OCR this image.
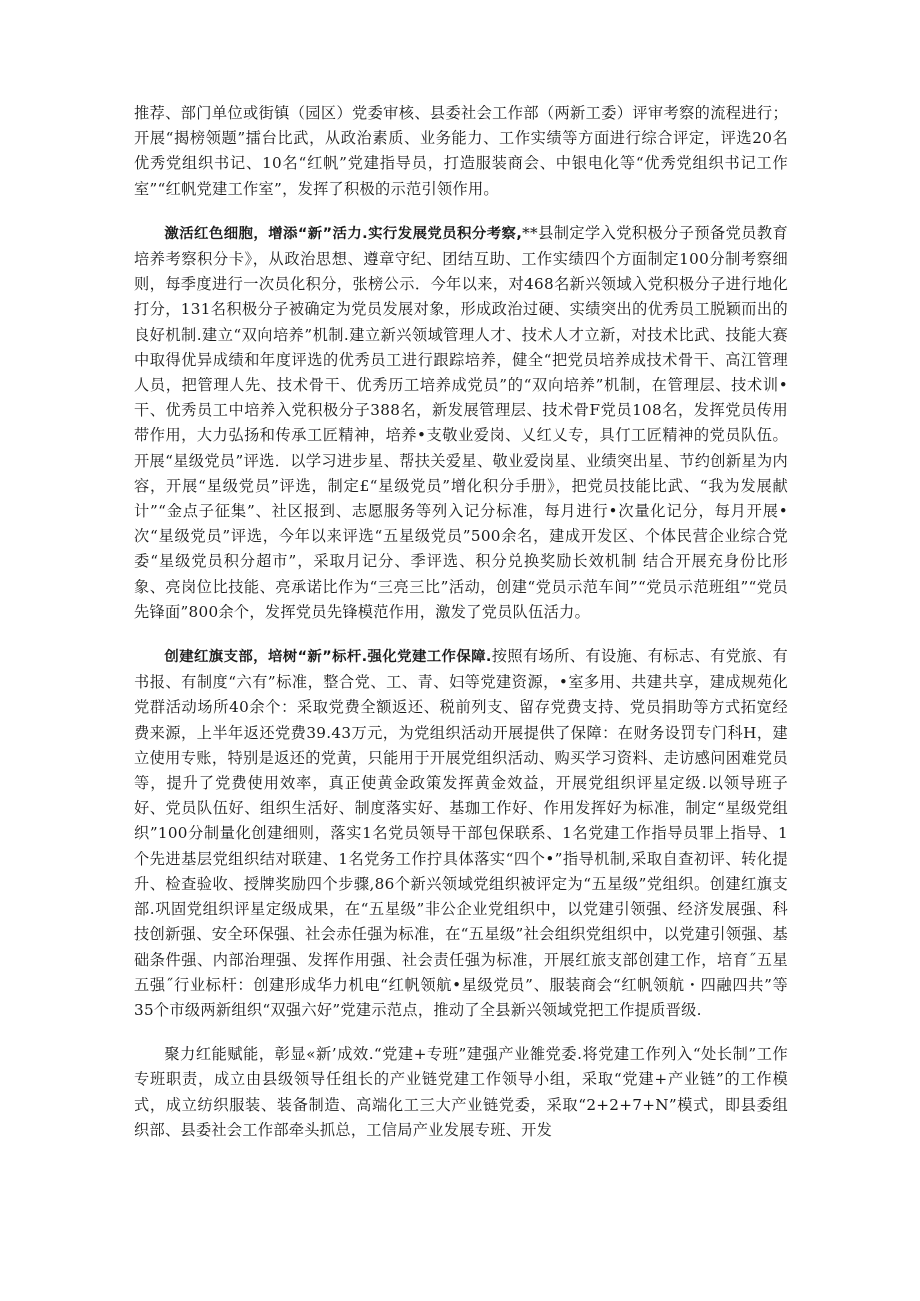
推荐、部门单位或街镇（园区）党委审核、县委社会工作部（两新工委）评审考察的流程进行；开展“揭榜领题”擂台比武，从政治素质、业务能力、工作实绩等方面进行综合评定，评选20名优秀党组织书记、10名“红帆”党建指导员，打造服装商会、中银电化等“优秀党组织书记工作室”“红帆党建工作室”，发挥了积极的示范引领作用。

激活红色细胞，增添“新”活力.实行发展党员积分考察,**县制定学入党积极分子预备党员教育培养考察积分卡》，从政治思想、遵章守纪、团结互助、工作实绩四个方面制定100分制考察细则，每季度进行一次员化积分，张榜公示．今年以来，对468名新兴领域入党积极分子进行地化打分，131名积极分子被确定为党员发展对象，形成政治过硬、实绩突出的优秀员工脱颖而出的良好机制.建立“双向培养”机制.建立新兴领域管理人才、技术人才立新，对技术比武、技能大赛中取得优异成绩和年度评选的优秀员工进行跟踪培养，健全“把党员培养成技术骨干、高江管理人员，把管理人先、技术骨干、优秀历工培养成党员”的“双向培养”机制，在管理层、技术训•干、优秀员工中培养入党积极分子388名，新发展管理层、技术骨F党员108名，发挥党员传用带作用，大力弘扬和传承工匠精神，培养•支敬业爱岗、乂红乂专，具仃工匠精神的党员队伍。开展“星级党员”评选．以学习进步星、帮扶关爱星、敬业爱岗星、业绩突出星、节约创新星为内容，开展“星级党员”评选，制定£“星级党员”增化积分手册》，把党员技能比武、“我为发展献计”“金点子征集”、社区报到、志愿服务等列入记分标准，每月进行•次量化记分，每月开展•次“星级党员”评选，今年以来评选“五星级党员”500余名，建成开发区、个体民营企业综合党委“星级党员积分超市”，采取月记分、季评选、积分兑换奖励长效机制 结合开展充身份比形象、亮岗位比技能、亮承诺比作为“三亮三比”活动，创建“党员示范车间”“党员示范班组”“党员先锋面”800余个，发挥党员先锋模范作用，激发了党员队伍活力。

创建红旗支部，培树“新”标杆.强化党建工作保障.按照有场所、有设施、有标志、有党旅、有书报、有制度“六有”标准，整合党、工、青、妇等党建资源，•室多用、共建共享，建成规苑化党群活动场所40余个：采取党费全额返还、税前列支、留存党费支持、党员捐助等方式拓宽经费来源，上半年返还党费39.43万元，为党组织活动开展提供了保障：在财务设罚专门科H，建立使用专账，特别是返还的党黄，只能用于开展党组织活动、购买学习资料、走访感问困难党员等，提升了党费使用效率，真正使黄金政策发挥黄金效益，开展党组织评星定级.以领导班子好、党员队伍好、组织生活好、制度落实好、基珈工作好、作用发挥好为标准，制定“星级党组织”100分制量化创建细则，落实1名党员领导干部包保联系、1名党建工作指导员罪上指导、1个先进基层党组织结对联建、1名党务工作拧具体落实“四个•”指导机制,采取自查初评、转化提升、检查验收、授牌奖励四个步骤,86个新兴领域党组织被评定为“五星级”党组织。创建红旗支部.巩固党组织评星定级成果，在“五星级”非公企业党组织中，以党建引领强、经济发展强、科技创新强、安全环保强、社会赤任强为标准，在“五星级”社会组织党组织中，以党建引领强、基础条件强、内部治理强、发挥作用强、社会责任强为标准，开展红旅支部创建工作，培育˝五星五强˝行业标杆：创建形成华力机电“红帆领航•星级党员”、服装商会“红帆领航・四融四共”等35个市级两新组织“双强六好”党建示范点，推动了全县新兴领域党把工作提质晋级.

聚力红能赋能，彰显«新’成效.“党建+专班”建强产业雒党委.将党建工作列入“处长制”工作专班职责，成立由县级领导任组长的产业链党建工作领导小组，采取“党建+产业链”的工作模式，成立纺织服装、装备制造、高端化工三大产业链党委，采取“2+2+7+N”模式，即县委组织部、县委社会工作部牵头抓总，工信局产业发展专班、开发
